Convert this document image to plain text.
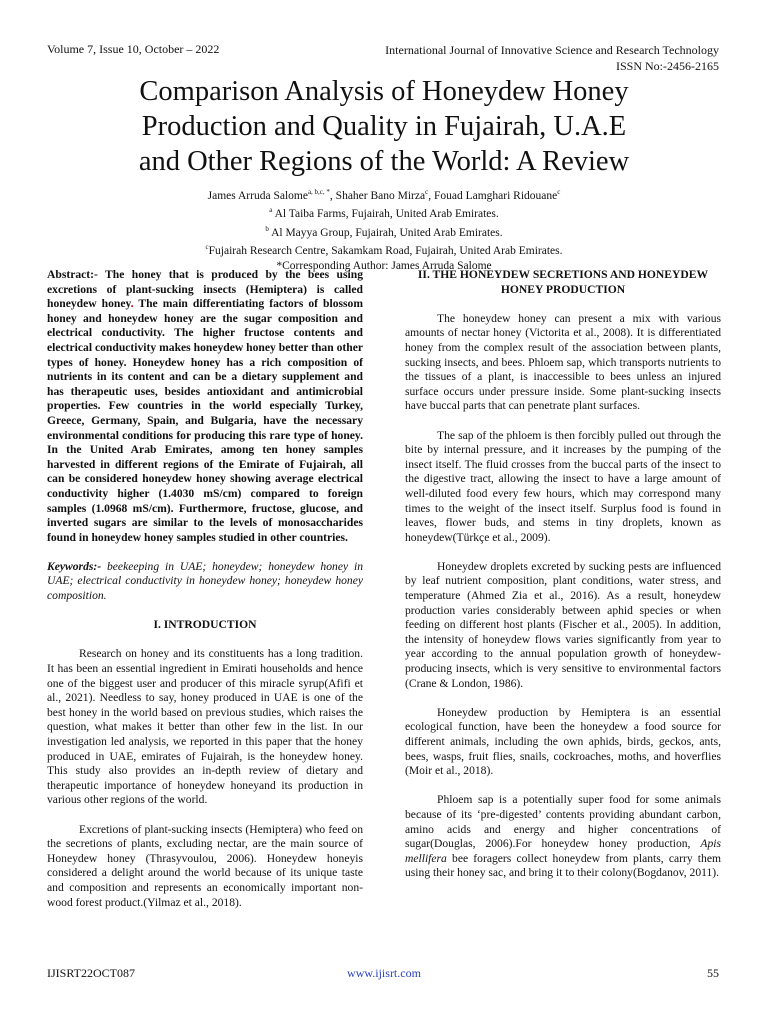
Volume 7, Issue 10, October – 2022	International Journal of Innovative Science and Research Technology
ISSN No:-2456-2165
Comparison Analysis of Honeydew Honey
Production and Quality in Fujairah, U.A.E
and Other Regions of the World: A Review
James Arruda Salome$^{a, b,c, *}$, Shaher Bano Mirza$^c$, Fouad Lamghari Ridouane$^c$
$^a$ Al Taiba Farms, Fujairah, United Arab Emirates.
$^b$ Al Mayya Group, Fujairah, United Arab Emirates.
$^c$Fujairah Research Centre, Sakamkam Road, Fujairah, United Arab Emirates.
*Corresponding Author: James Arruda Salome

Abstract:- The honey that is produced by the bees using excretions of plant-sucking insects (Hemiptera) is called honeydew honey. The main differentiating factors of blossom honey and honeydew honey are the sugar composition and electrical conductivity. The higher fructose contents and electrical conductivity makes honeydew honey better than other types of honey. Honeydew honey has a rich composition of nutrients in its content and can be a dietary supplement and has therapeutic uses, besides antioxidant and antimicrobial properties. Few countries in the world especially Turkey, Greece, Germany, Spain, and Bulgaria, have the necessary environmental conditions for producing this rare type of honey. In the United Arab Emirates, among ten honey samples harvested in different regions of the Emirate of Fujairah, all can be considered honeydew honey showing average electrical conductivity higher (1.4030 mS/cm) compared to foreign samples (1.0968 mS/cm). Furthermore, fructose, glucose, and inverted sugars are similar to the levels of monosaccharides found in honeydew honey samples studied in other countries.

Keywords:- beekeeping in UAE; honeydew; honeydew honey in UAE; electrical conductivity in honeydew honey; honeydew honey composition.

I. INTRODUCTION

Research on honey and its constituents has a long tradition. It has been an essential ingredient in Emirati households and hence one of the biggest user and producer of this miracle syrup(Afifi et al., 2021). Needless to say, honey produced in UAE is one of the best honey in the world based on previous studies, which raises the question, what makes it better than other few in the list. In our investigation led analysis, we reported in this paper that the honey produced in UAE, emirates of Fujairah, is the honeydew honey. This study also provides an in-depth review of dietary and therapeutic importance of honeydew honeyand its production in various other regions of the world.

Excretions of plant-sucking insects (Hemiptera) who feed on the secretions of plants, excluding nectar, are the main source of Honeydew honey (Thrasyvoulou, 2006). Honeydew honeyis considered a delight around the world because of its unique taste and composition and represents an economically important non-wood forest product.(Yilmaz et al., 2018).

II. THE HONEYDEW SECRETIONS AND HONEYDEW HONEY PRODUCTION

The honeydew honey can present a mix with various amounts of nectar honey (Victorita et al., 2008). It is differentiated honey from the complex result of the association between plants, sucking insects, and bees. Phloem sap, which transports nutrients to the tissues of a plant, is inaccessible to bees unless an injured surface occurs under pressure inside. Some plant-sucking insects have buccal parts that can penetrate plant surfaces.

The sap of the phloem is then forcibly pulled out through the bite by internal pressure, and it increases by the pumping of the insect itself. The fluid crosses from the buccal parts of the insect to the digestive tract, allowing the insect to have a large amount of well-diluted food every few hours, which may correspond many times to the weight of the insect itself. Surplus food is found in leaves, flower buds, and stems in tiny droplets, known as honeydew(Türkçe et al., 2009).

Honeydew droplets excreted by sucking pests are influenced by leaf nutrient composition, plant conditions, water stress, and temperature (Ahmed Zia et al., 2016). As a result, honeydew production varies considerably between aphid species or when feeding on different host plants (Fischer et al., 2005). In addition, the intensity of honeydew flows varies significantly from year to year according to the annual population growth of honeydew-producing insects, which is very sensitive to environmental factors (Crane & London, 1986).

Honeydew production by Hemiptera is an essential ecological function, have been the honeydew a food source for different animals, including the own aphids, birds, geckos, ants, bees, wasps, fruit flies, snails, cockroaches, moths, and hoverflies (Moir et al., 2018).

Phloem sap is a potentially super food for some animals because of its ‘pre-digested’ contents providing abundant carbon, amino acids and energy and higher concentrations of sugar(Douglas, 2006).For honeydew honey production, Apis mellifera bee foragers collect honeydew from plants, carry them using their honey sac, and bring it to their colony(Bogdanov, 2011).

IJISRT22OCT087	www.ijisrt.com	55
